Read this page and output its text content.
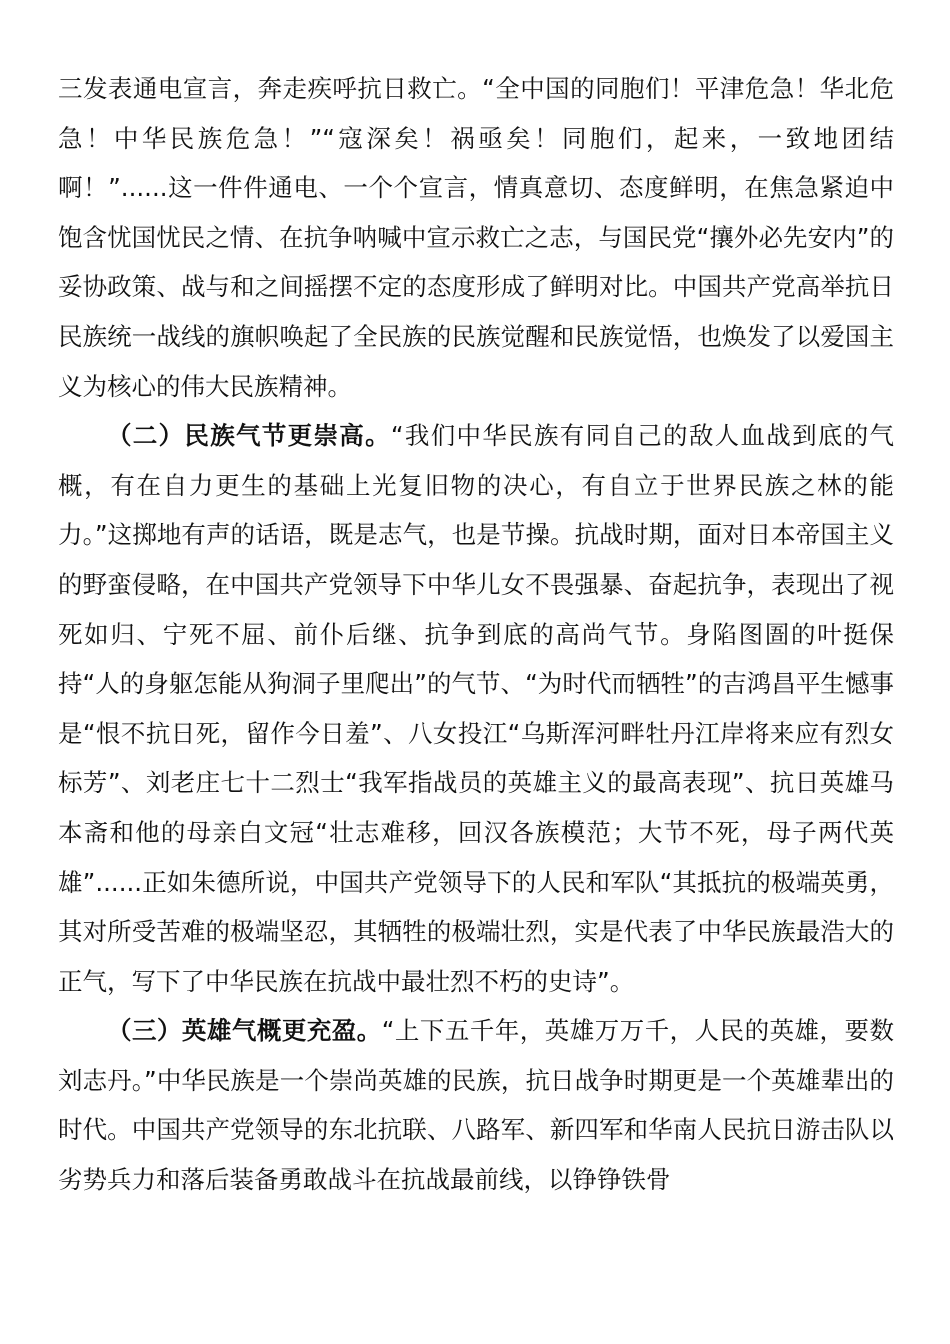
三发表通电宣言，奔走疾呼抗日救亡。“全中国的同胞们！平津危急！华北危急！中华民族危急！”“寇深矣！祸亟矣！同胞们，起来，一致地团结啊！”......这一件件通电、一个个宣言，情真意切、态度鲜明，在焦急紧迫中饱含忧国忧民之情、在抗争呐喊中宣示救亡之志，与国民党“攘外必先安内”的妥协政策、战与和之间摇摆不定的态度形成了鲜明对比。中国共产党高举抗日民族统一战线的旗帜唤起了全民族的民族觉醒和民族觉悟，也焕发了以爱国主义为核心的伟大民族精神。

（二）民族气节更崇高。“我们中华民族有同自己的敌人血战到底的气概，有在自力更生的基础上光复旧物的决心，有自立于世界民族之林的能力。”这掷地有声的话语，既是志气，也是节操。抗战时期，面对日本帝国主义的野蛮侵略，在中国共产党领导下中华儿女不畏强暴、奋起抗争，表现出了视死如归、宁死不屈、前仆后继、抗争到底的高尚气节。身陷图圄的叶挺保持“人的身躯怎能从狗洞子里爬出”的气节、“为时代而牺牲”的吉鸿昌平生憾事是“恨不抗日死，留作今日羞”、八女投江“乌斯浑河畔牡丹江岸将来应有烈女标芳”、刘老庄七十二烈士“我军指战员的英雄主义的最高表现”、抗日英雄马本斋和他的母亲白文冠“壮志难移，回汉各族模范；大节不死，母子两代英雄”......正如朱德所说，中国共产党领导下的人民和军队“其抵抗的极端英勇，其对所受苦难的极端坚忍，其牺牲的极端壮烈，实是代表了中华民族最浩大的正气，写下了中华民族在抗战中最壮烈不朽的史诗”。

（三）英雄气概更充盈。“上下五千年，英雄万万千，人民的英雄，要数刘志丹。”中华民族是一个崇尚英雄的民族，抗日战争时期更是一个英雄辈出的时代。中国共产党领导的东北抗联、八路军、新四军和华南人民抗日游击队以劣势兵力和落后装备勇敢战斗在抗战最前线，以铮铮铁骨
